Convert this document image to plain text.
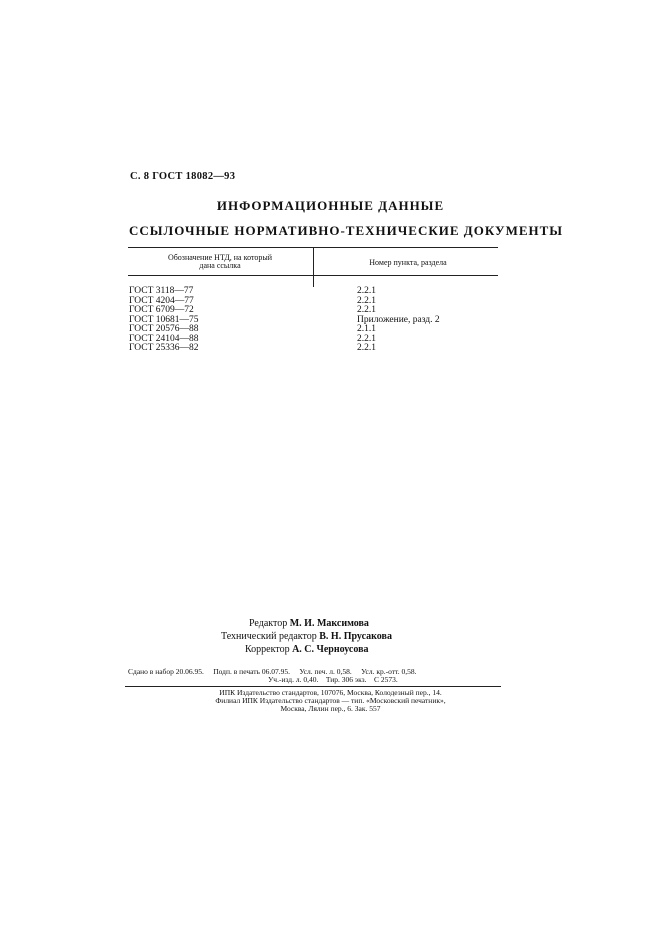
С. 8 ГОСТ 18082—93
ИНФОРМАЦИОННЫЕ ДАННЫЕ
ССЫЛОЧНЫЕ НОРМАТИВНО-ТЕХНИЧЕСКИЕ ДОКУМЕНТЫ
Обозначение НТД, на который
дана ссылка	Номер пункта, раздела
ГОСТ 3118—77
ГОСТ 4204—77
ГОСТ 6709—72
ГОСТ 10681—75
ГОСТ 20576—88
ГОСТ 24104—88
ГОСТ 25336—82
2.2.1
2.2.1
2.2.1
Приложение, разд. 2
2.1.1
2.2.1
2.2.1
Редактор М. И. Максимова
Технический редактор В. Н. Прусакова
Корректор А. С. Черноусова
Сдано в набор 20.06.95.     Подп. в печать 06.07.95.     Усл. печ. л. 0,58.     Усл. кр.-отт. 0,58.
Уч.-изд. л. 0,40.    Тир. 306 экз.    С 2573.
ИПК Издательство стандартов, 107076, Москва, Колодезный пер., 14.
Филиал ИПК Издательство стандартов — тип. «Московский печатник»,
Москва, Лялин пер., 6. Зак. 557
